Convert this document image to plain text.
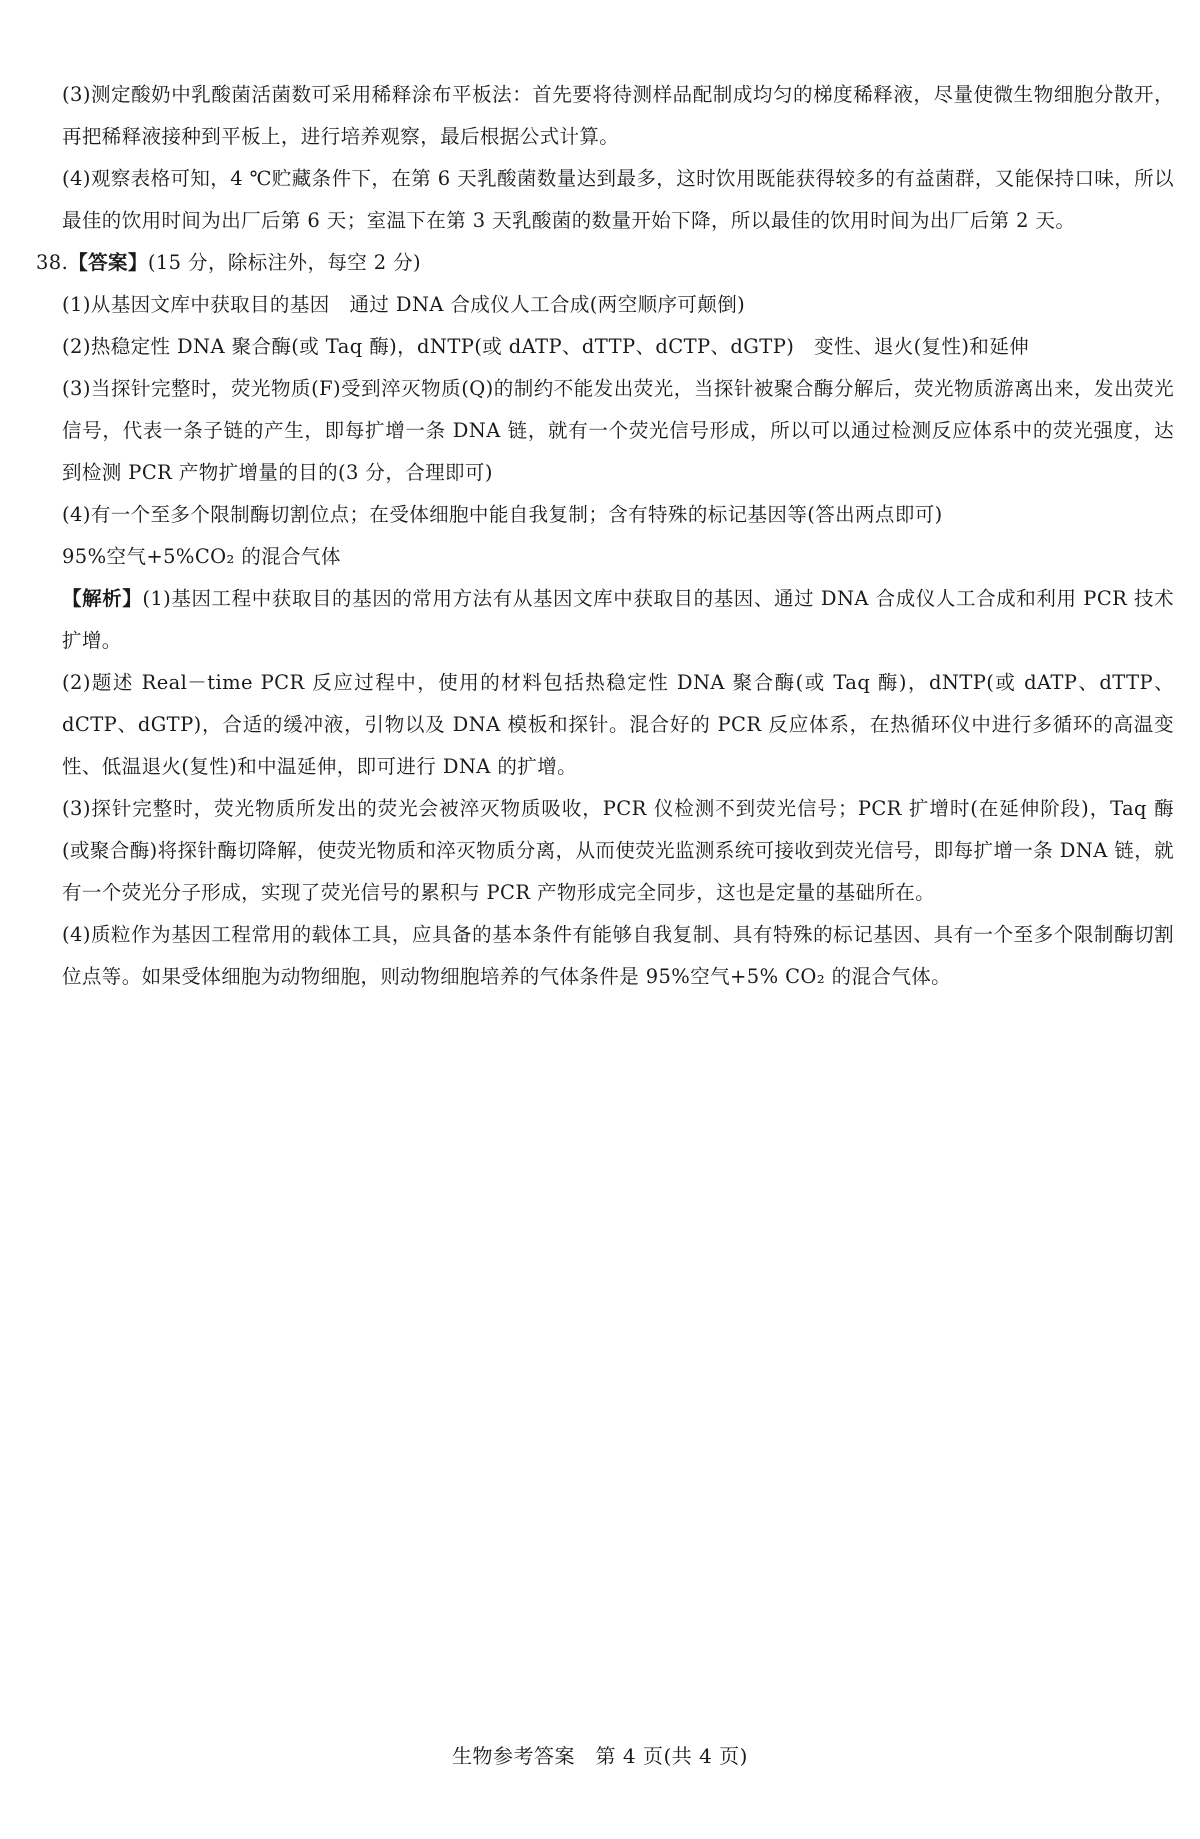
(3)测定酸奶中乳酸菌活菌数可采用稀释涂布平板法：首先要将待测样品配制成均匀的梯度稀释液，尽量使微生物细胞分散开，再把稀释液接种到平板上，进行培养观察，最后根据公式计算。

(4)观察表格可知，4 ℃贮藏条件下，在第 6 天乳酸菌数量达到最多，这时饮用既能获得较多的有益菌群，又能保持口味，所以最佳的饮用时间为出厂后第 6 天；室温下在第 3 天乳酸菌的数量开始下降，所以最佳的饮用时间为出厂后第 2 天。

38.【答案】(15 分，除标注外，每空 2 分)

(1)从基因文库中获取目的基因　通过 DNA 合成仪人工合成(两空顺序可颠倒)

(2)热稳定性 DNA 聚合酶(或 Taq 酶)，dNTP(或 dATP、dTTP、dCTP、dGTP)　变性、退火(复性)和延伸

(3)当探针完整时，荧光物质(F)受到淬灭物质(Q)的制约不能发出荧光，当探针被聚合酶分解后，荧光物质游离出来，发出荧光信号，代表一条子链的产生，即每扩增一条 DNA 链，就有一个荧光信号形成，所以可以通过检测反应体系中的荧光强度，达到检测 PCR 产物扩增量的目的(3 分，合理即可)

(4)有一个至多个限制酶切割位点；在受体细胞中能自我复制；含有特殊的标记基因等(答出两点即可)

95%空气+5%CO₂ 的混合气体

【解析】(1)基因工程中获取目的基因的常用方法有从基因文库中获取目的基因、通过 DNA 合成仪人工合成和利用 PCR 技术扩增。

(2)题述 Real－time PCR 反应过程中，使用的材料包括热稳定性 DNA 聚合酶(或 Taq 酶)，dNTP(或 dATP、dTTP、dCTP、dGTP)，合适的缓冲液，引物以及 DNA 模板和探针。混合好的 PCR 反应体系，在热循环仪中进行多循环的高温变性、低温退火(复性)和中温延伸，即可进行 DNA 的扩增。

(3)探针完整时，荧光物质所发出的荧光会被淬灭物质吸收，PCR 仪检测不到荧光信号；PCR 扩增时(在延伸阶段)，Taq 酶(或聚合酶)将探针酶切降解，使荧光物质和淬灭物质分离，从而使荧光监测系统可接收到荧光信号，即每扩增一条 DNA 链，就有一个荧光分子形成，实现了荧光信号的累积与 PCR 产物形成完全同步，这也是定量的基础所在。

(4)质粒作为基因工程常用的载体工具，应具备的基本条件有能够自我复制、具有特殊的标记基因、具有一个至多个限制酶切割位点等。如果受体细胞为动物细胞，则动物细胞培养的气体条件是 95%空气+5% CO₂ 的混合气体。

生物参考答案　第 4 页(共 4 页)
